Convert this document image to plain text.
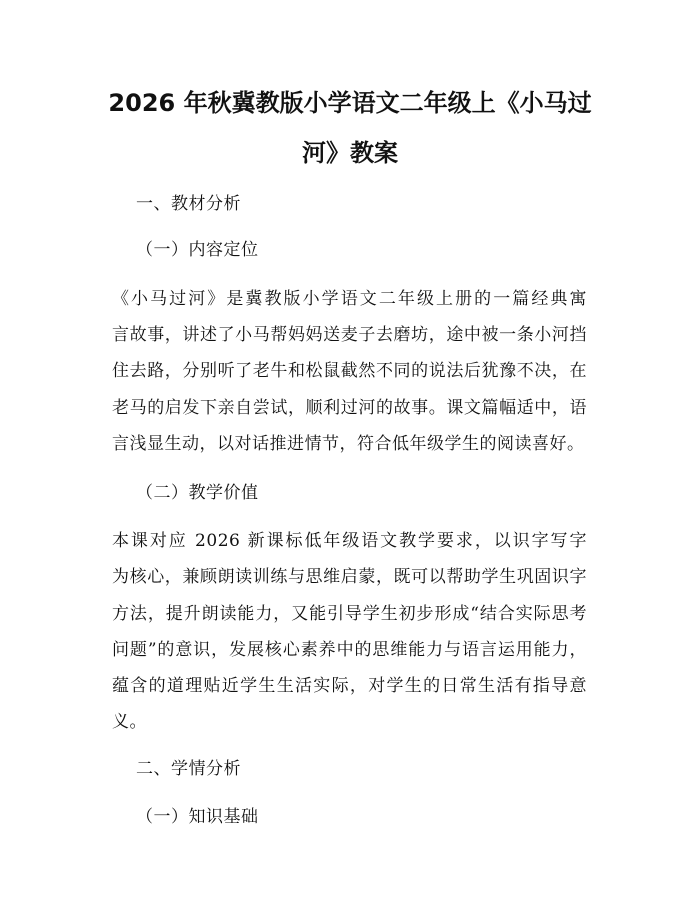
2026 年秋冀教版小学语文二年级上《小马过
河》教案
一、教材分析
（一）内容定位
《小马过河》是冀教版小学语文二年级上册的一篇经典寓
言故事，讲述了小马帮妈妈送麦子去磨坊，途中被一条小河挡
住去路，分别听了老牛和松鼠截然不同的说法后犹豫不决，在
老马的启发下亲自尝试，顺利过河的故事。课文篇幅适中，语
言浅显生动，以对话推进情节，符合低年级学生的阅读喜好。
（二）教学价值
本课对应 2026 新课标低年级语文教学要求，以识字写字
为核心，兼顾朗读训练与思维启蒙，既可以帮助学生巩固识字
方法，提升朗读能力，又能引导学生初步形成“结合实际思考
问题”的意识，发展核心素养中的思维能力与语言运用能力，
蕴含的道理贴近学生生活实际，对学生的日常生活有指导意
义。
二、学情分析
（一）知识基础
